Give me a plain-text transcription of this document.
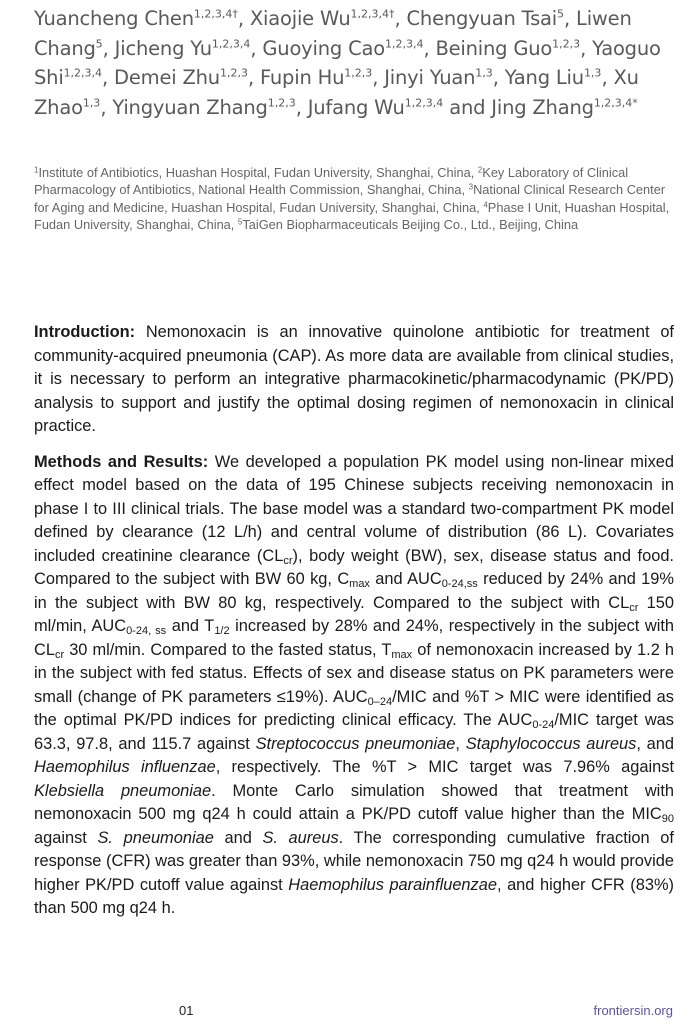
Yuancheng Chen$^{1,2,3,4\dagger}$, Xiaojie $Wu^{1,2,3,4\dagger}$, Chengyuan Tsai$^5$, Liwen Chang$^5$, Jicheng Yu$^{1,2,3,4}$, Guoying Cao$^{1,2,3,4}$, Beining Guo$^{1,2,3}$, Yaoguo Shi$^{1,2,3,4}$, Demei Zhu$^{1,2,3}$, Fupin Hu$^{1,2,3}$, Jinyi Yuan$^{1,3}$, Yang Liu$^{1,3}$, Xu Zhao$^{1,3}$, Yingyuan Zhang$^{1,2,3}$, Jufang Wu$^{1,2,3,4}$ and Jing Zhang$^{1,2,3,4*}$
$^1$Institute of Antibiotics, Huashan Hospital, Fudan University, Shanghai, China, $^2$Key Laboratory of Clinical Pharmacology of Antibiotics, National Health Commission, Shanghai, China, $^3$National Clinical Research Center for Aging and Medicine, Huashan Hospital, Fudan University, Shanghai, China, $^4$Phase I Unit, Huashan Hospital, Fudan University, Shanghai, China, $^5$TaiGen Biopharmaceuticals Beijing Co., Ltd., Beijing, China

Introduction: Nemonoxacin is an innovative quinolone antibiotic for treatment of community-acquired pneumonia (CAP). As more data are available from clinical studies, it is necessary to perform an integrative pharmacokinetic/pharmacodynamic (PK/PD) analysis to support and justify the optimal dosing regimen of nemonoxacin in clinical practice.

Methods and Results: We developed a population PK model using non-linear mixed effect model based on the data of 195 Chinese subjects receiving nemonoxacin in phase I to III clinical trials. The base model was a standard two-compartment PK model defined by clearance (12 L/h) and central volume of distribution (86 L). Covariates included creatinine clearance $(CL_{cr})$, body weight (BW), sex, disease status and food. Compared to the subject with BW 60 kg, $C_{max}$ and $AUC_{0-24,ss}$ reduced by 24% and 19% in the subject with BW 80 kg, respectively. Compared to the subject with $CL_{cr}$ 150 ml/min, $AUC_{0-24, ss}$ and $T_{1/2}$ increased by 28% and 24%, respectively in the subject with $CL_{cr}$ 30 ml/min. Compared to the fasted status, $T_{max}$ of nemonoxacin increased by 1.2 h in the subject with fed status. Effects of sex and disease status on PK parameters were small (change of PK parameters ≤19%). $AUC_{0-24}$/MIC and %T > MIC were identified as the optimal PK/PD indices for predicting clinical efficacy. The $AUC_{0-24}$/MIC target was 63.3, 97.8, and 115.7 against Streptococcus pneumoniae, Staphylococcus aureus, and Haemophilus influenzae, respectively. The %T > MIC target was 7.96% against Klebsiella pneumoniae. Monte Carlo simulation showed that treatment with nemonoxacin 500 mg q24 h could attain a PK/PD cutoff value higher than the $MIC_{90}$ against S. pneumoniae and S. aureus. The corresponding cumulative fraction of response (CFR) was greater than 93%, while nemonoxacin 750 mg q24 h would provide higher PK/PD cutoff value against Haemophilus parainfluenzae, and higher CFR (83%) than 500 mg q24 h.

01	frontiersin.org
